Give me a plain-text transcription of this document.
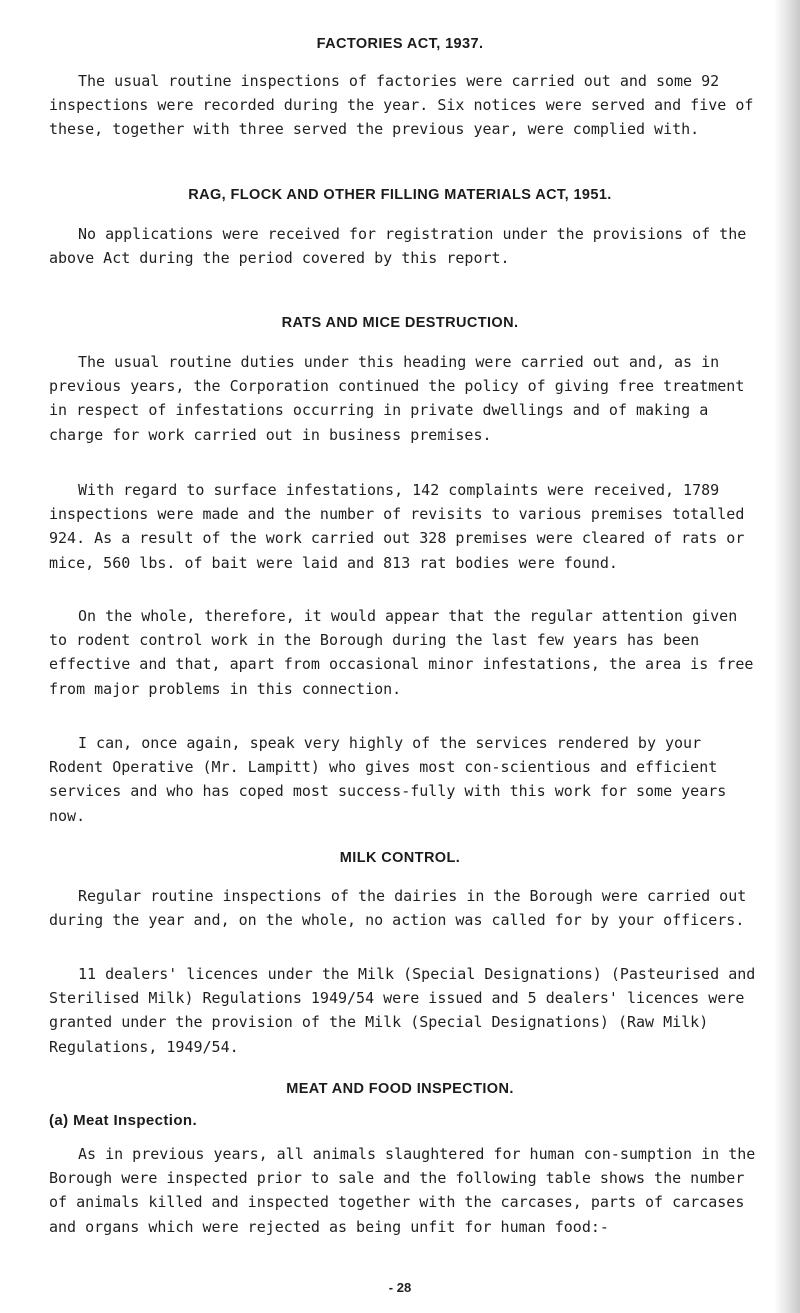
FACTORIES ACT, 1937.

The usual routine inspections of factories were carried out and some 92 inspections were recorded during the year. Six notices were served and five of these, together with three served the previous year, were complied with.

RAG, FLOCK AND OTHER FILLING MATERIALS ACT, 1951.

No applications were received for registration under the provisions of the above Act during the period covered by this report.

RATS AND MICE DESTRUCTION.

The usual routine duties under this heading were carried out and, as in previous years, the Corporation continued the policy of giving free treatment in respect of infestations occurring in private dwellings and of making a charge for work carried out in business premises.

With regard to surface infestations, 142 complaints were received, 1789 inspections were made and the number of revisits to various premises totalled 924. As a result of the work carried out 328 premises were cleared of rats or mice, 560 lbs. of bait were laid and 813 rat bodies were found.

On the whole, therefore, it would appear that the regular attention given to rodent control work in the Borough during the last few years has been effective and that, apart from occasional minor infestations, the area is free from major problems in this connection.

I can, once again, speak very highly of the services rendered by your Rodent Operative (Mr. Lampitt) who gives most con-scientious and efficient services and who has coped most success-fully with this work for some years now.

MILK CONTROL.

Regular routine inspections of the dairies in the Borough were carried out during the year and, on the whole, no action was called for by your officers.

11 dealers' licences under the Milk (Special Designations) (Pasteurised and Sterilised Milk) Regulations 1949/54 were issued and 5 dealers' licences were granted under the provision of the Milk (Special Designations) (Raw Milk) Regulations, 1949/54.

MEAT AND FOOD INSPECTION.
(a) Meat Inspection.

As in previous years, all animals slaughtered for human con-sumption in the Borough were inspected prior to sale and the following table shows the number of animals killed and inspected together with the carcases, parts of carcases and organs which were rejected as being unfit for human food:-

- 28
